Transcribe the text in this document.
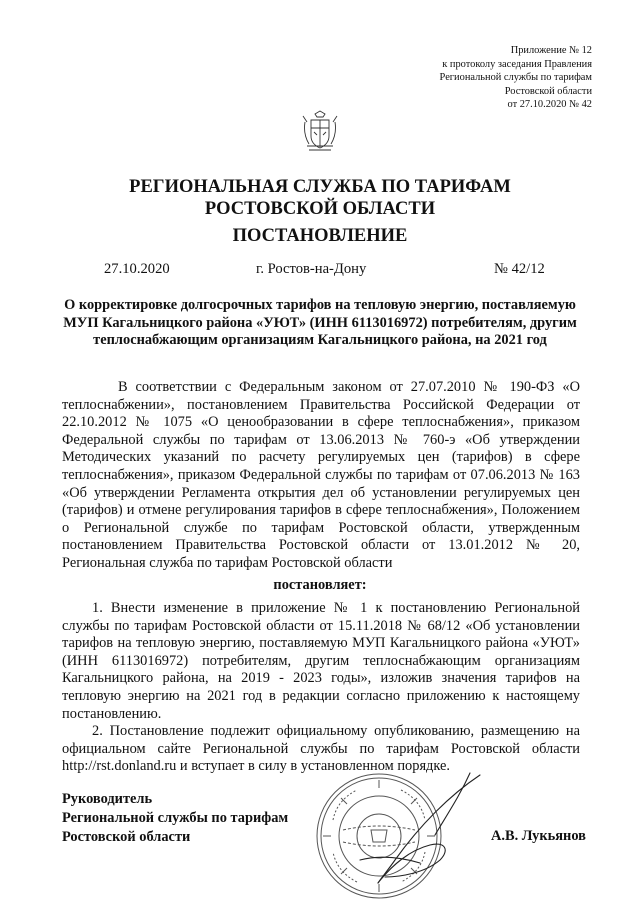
Приложение № 12
к протоколу заседания Правления
Региональной службы по тарифам
Ростовской области
от 27.10.2020 № 42
РЕГИОНАЛЬНАЯ СЛУЖБА ПО ТАРИФАМ
РОСТОВСКОЙ ОБЛАСТИ
ПОСТАНОВЛЕНИЕ
27.10.2020	г. Ростов-на-Дону	№ 42/12
О корректировке долгосрочных тарифов на тепловую энергию, поставляемую МУП Кагальницкого района «УЮТ» (ИНН 6113016972) потребителям, другим теплоснабжающим организациям Кагальницкого района, на 2021 год
В соответствии с Федеральным законом от 27.07.2010 № 190-ФЗ «О теплоснабжении», постановлением Правительства Российской Федерации от 22.10.2012 № 1075 «О ценообразовании в сфере теплоснабжения», приказом Федеральной службы по тарифам от 13.06.2013 № 760-э «Об утверждении Методических указаний по расчету регулируемых цен (тарифов) в сфере теплоснабжения», приказом Федеральной службы по тарифам от 07.06.2013 № 163 «Об утверждении Регламента открытия дел об установлении регулируемых цен (тарифов) и отмене регулирования тарифов в сфере теплоснабжения», Положением о Региональной службе по тарифам Ростовской области, утвержденным постановлением Правительства Ростовской области от 13.01.2012 № 20, Региональная служба по тарифам Ростовской области
постановляет:
1. Внести изменение в приложение № 1 к постановлению Региональной службы по тарифам Ростовской области от 15.11.2018 № 68/12 «Об установлении тарифов на тепловую энергию, поставляемую МУП Кагальницкого района «УЮТ» (ИНН 6113016972) потребителям, другим теплоснабжающим организациям Кагальницкого района, на 2019 - 2023 годы», изложив значения тарифов на тепловую энергию на 2021 год в редакции согласно приложению к настоящему постановлению.
2. Постановление подлежит официальному опубликованию, размещению на официальном сайте Региональной службы по тарифам Ростовской области http://rst.donland.ru и вступает в силу в установленном порядке.
Руководитель
Региональной службы по тарифам
Ростовской области	А.В. Лукьянов
